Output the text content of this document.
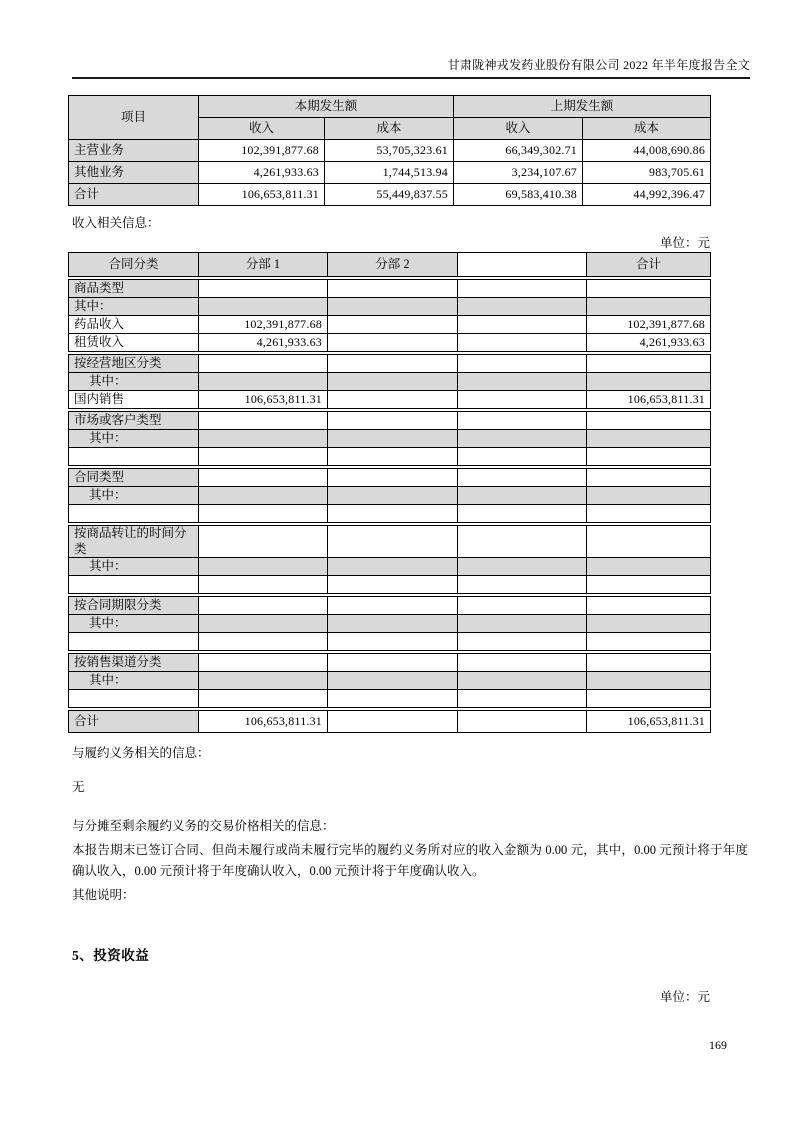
甘肃陇神戎发药业股份有限公司 2022 年半年度报告全文
项目	本期发生额		上期发生额	
	收入	成本	收入	成本
主营业务	102,391,877.68	53,705,323.61	66,349,302.71	44,008,690.86
其他业务	4,261,933.63	1,744,513.94	3,234,107.67	983,705.61
合计	106,653,811.31	55,449,837.55	69,583,410.38	44,992,396.47

收入相关信息：

单位：元
合同分类	分部 1	分部 2		合计
商品类型				
其中：				
药品收入	102,391,877.68			102,391,877.68
租赁收入	4,261,933.63			4,261,933.63
按经营地区分类				
其中：				
国内销售	106,653,811.31			106,653,811.31
市场或客户类型				
其中：				

合同类型				
其中：				

按商品转让的时间分类				
其中：				

按合同期限分类				
其中：				

按销售渠道分类				
其中：				

合计	106,653,811.31			106,653,811.31

与履约义务相关的信息：

无

与分摊至剩余履约义务的交易价格相关的信息：

本报告期末已签订合同、但尚未履行或尚未履行完毕的履约义务所对应的收入金额为 0.00 元，其中，0.00 元预计将于年度确认收入，0.00 元预计将于年度确认收入，0.00 元预计将于年度确认收入。

其他说明：

5、投资收益

单位：元
169
